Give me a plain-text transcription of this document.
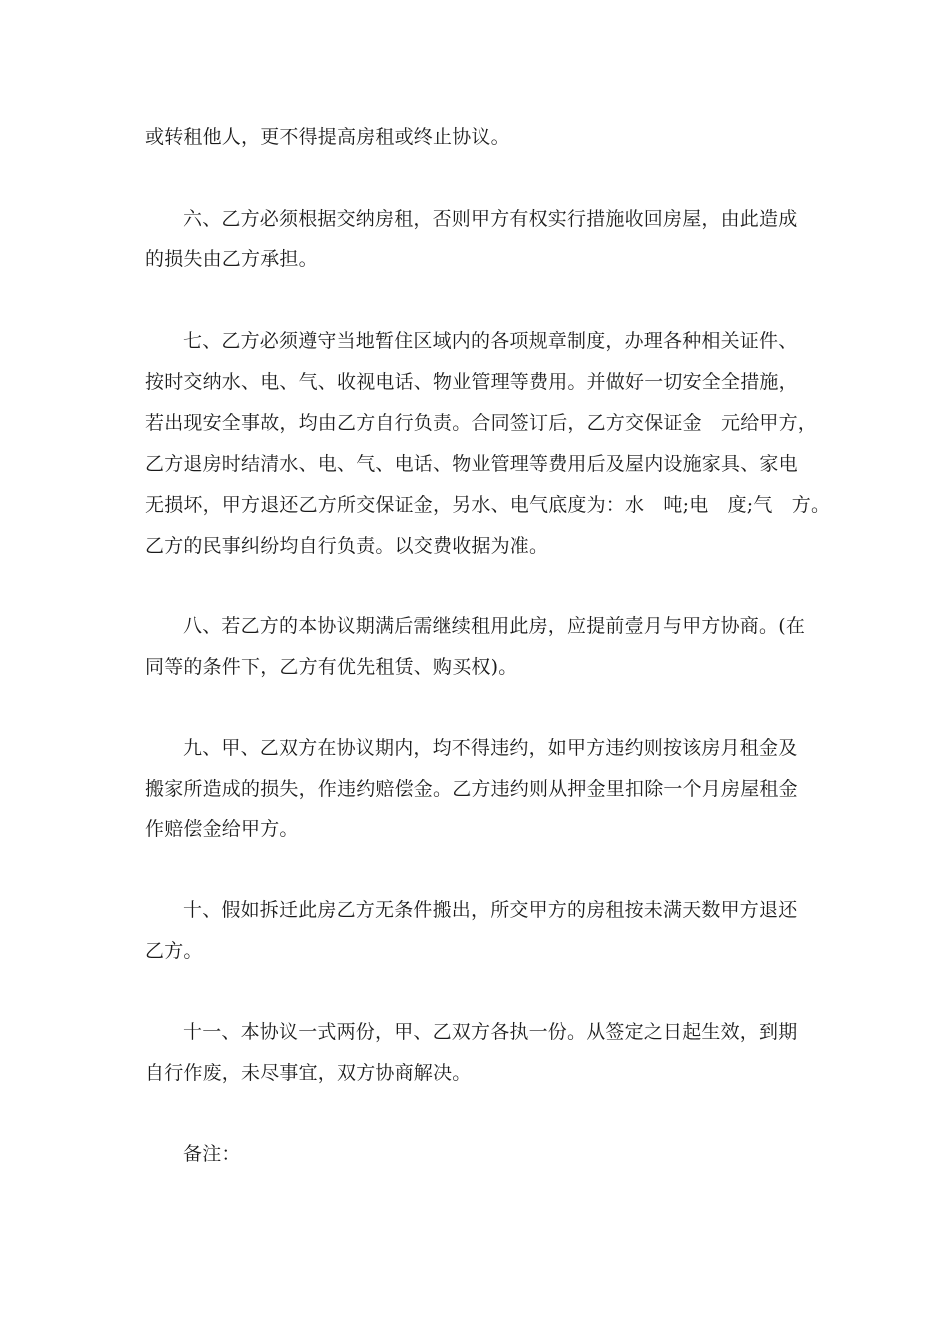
或转租他人，更不得提高房租或终止协议。
六、乙方必须根据交纳房租，否则甲方有权实行措施收回房屋，由此造成
的损失由乙方承担。
七、乙方必须遵守当地暂住区域内的各项规章制度，办理各种相关证件、
按时交纳水、电、气、收视电话、物业管理等费用。并做好一切安全全措施，
若出现安全事故，均由乙方自行负责。合同签订后，乙方交保证金　元给甲方，
乙方退房时结清水、电、气、电话、物业管理等费用后及屋内设施家具、家电
无损坏，甲方退还乙方所交保证金，另水、电气底度为：水　吨;电　度;气　方。
乙方的民事纠纷均自行负责。以交费收据为准。
八、若乙方的本协议期满后需继续租用此房，应提前壹月与甲方协商。(在
同等的条件下，乙方有优先租赁、购买权)。
九、甲、乙双方在协议期内，均不得违约，如甲方违约则按该房月租金及
搬家所造成的损失，作违约赔偿金。乙方违约则从押金里扣除一个月房屋租金
作赔偿金给甲方。
十、假如拆迁此房乙方无条件搬出，所交甲方的房租按未满天数甲方退还
乙方。
十一、本协议一式两份，甲、乙双方各执一份。从签定之日起生效，到期
自行作废，未尽事宜，双方协商解决。
备注：
